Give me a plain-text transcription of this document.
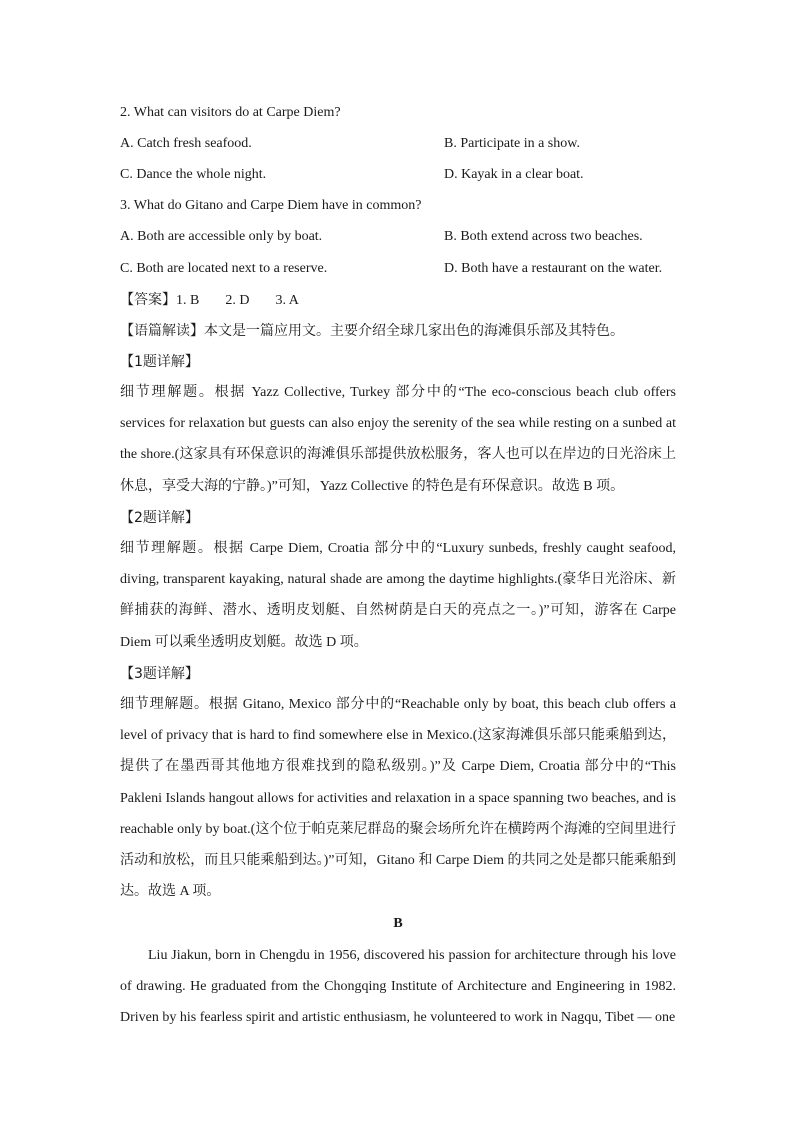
2. What can visitors do at Carpe Diem?
A. Catch fresh seafood.	B. Participate in a show.
C. Dance the whole night.	D. Kayak in a clear boat.
3. What do Gitano and Carpe Diem have in common?
A. Both are accessible only by boat.	B. Both extend across two beaches.
C. Both are located next to a reserve.	D. Both have a restaurant on the water.
【答案】1. B 2. D 3. A
【语篇解读】本文是一篇应用文。主要介绍全球几家出色的海滩俱乐部及其特色。
【1题详解】
细节理解题。根据 Yazz Collective, Turkey 部分中的“The eco-conscious beach club offers services for relaxation but guests can also enjoy the serenity of the sea while resting on a sunbed at the shore.(这家具有环保意识的海滩俱乐部提供放松服务，客人也可以在岸边的日光浴床上休息，享受大海的宁静。)”可知，Yazz Collective 的特色是有环保意识。故选 B 项。
【2题详解】
细节理解题。根据 Carpe Diem, Croatia 部分中的“Luxury sunbeds, freshly caught seafood, diving, transparent kayaking, natural shade are among the daytime highlights.(豪华日光浴床、新鲜捕获的海鲜、潜水、透明皮划艇、自然树荫是白天的亮点之一。)”可知，游客在 Carpe Diem 可以乘坐透明皮划艇。故选 D 项。
【3题详解】
细节理解题。根据 Gitano, Mexico 部分中的“Reachable only by boat, this beach club offers a level of privacy that is hard to find somewhere else in Mexico.(这家海滩俱乐部只能乘船到达，提供了在墨西哥其他地方很难找到的隐私级别。)”及 Carpe Diem, Croatia 部分中的“This Pakleni Islands hangout allows for activities and relaxation in a space spanning two beaches, and is reachable only by boat.(这个位于帕克莱尼群岛的聚会场所允许在横跨两个海滩的空间里进行活动和放松，而且只能乘船到达。)”可知，Gitano 和 Carpe Diem 的共同之处是都只能乘船到达。故选 A 项。
B
Liu Jiakun, born in Chengdu in 1956, discovered his passion for architecture through his love of drawing. He graduated from the Chongqing Institute of Architecture and Engineering in 1982. Driven by his fearless spirit and artistic enthusiasm, he volunteered to work in Nagqu, Tibet — one
